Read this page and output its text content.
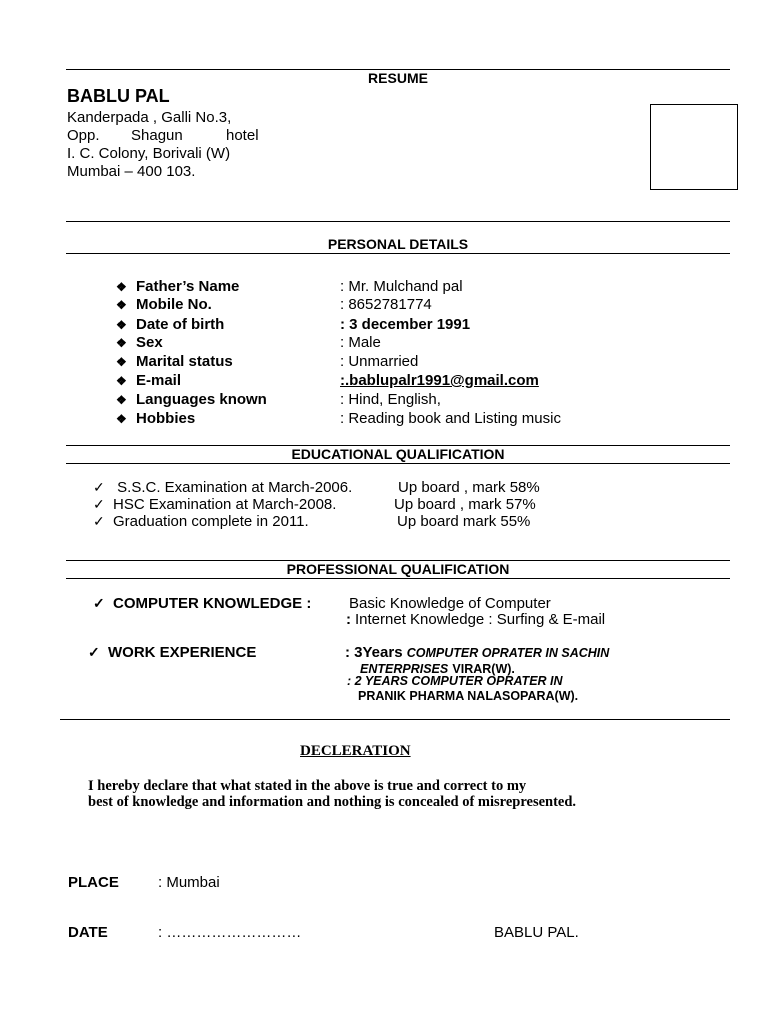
RESUME
BABLU PAL
Kanderpada , Galli No.3,
Opp. Shagun	hotel
I. C. Colony, Borivali (W)
Mumbai – 400 103.
PERSONAL DETAILS
❖ Father’s Name	: Mr. Mulchand pal
❖ Mobile No.	: 8652781774
❖ Date of birth	: 3 december 1991
❖ Sex	: Male
❖ Marital status	: Unmarried
❖ E-mail	:.bablupalr1991@gmail.com
❖ Languages known	: Hind, English,
❖ Hobbies	: Reading book and Listing music
EDUCATIONAL QUALIFICATION
✓ S.S.C. Examination at March-2006.	Up board , mark 58%
✓ HSC Examination at March-2008.	Up board , mark 57%
✓ Graduation complete in 2011.	Up board mark 55%
PROFESSIONAL QUALIFICATION
✓ COMPUTER KNOWLEDGE :	Basic Knowledge of Computer
: Internet Knowledge : Surfing & E-mail
✓ WORK EXPERIENCE	: 3Years COMPUTER OPRATER IN SACHIN
ENTERPRISES VIRAR(W).
: 2 YEARS COMPUTER OPRATER IN
PRANIK PHARMA NALASOPARA(W).
DECLERATION
I hereby declare that what stated in the above is true and correct to my
best of knowledge and information and nothing is concealed of misrepresented.
PLACE	: Mumbai
DATE	: ………………………	BABLU PAL.
